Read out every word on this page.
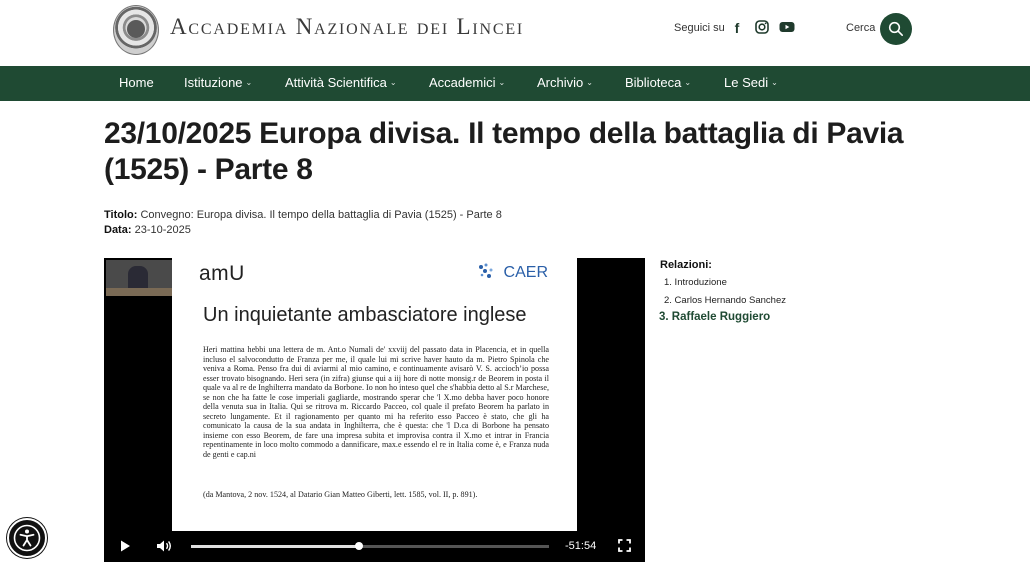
Accademia Nazionale dei Lincei	Seguici su f	Cerca
Home Istituzione ⌄	Attività Scientifica ⌄ Accademici ⌄ Archivio ⌄ Biblioteca ⌄	Le Sedi ⌄
23/10/2025 Europa divisa. Il tempo della battaglia di Pavia (1525) - Parte 8
Titolo: Convegno: Europa divisa. Il tempo della battaglia di Pavia (1525) - Parte 8
Data: 23-10-2025
amU	CAER
Un inquietante ambasciatore inglese
Heri mattina hebbi una lettera de m. Ant.o Numali de' xxviij del passato data in Placencia, et in quella incluso el salvocondutto de Franza per me, il quale lui mi scrive haver hauto da m. Pietro Spinola che veniva a Roma. Penso fra dui di aviarmi al mio camino, e continuamente avisarò V. S. acciochʼio possa esser trovato bisognando. Heri sera (in zifra) giunse qui a iij hore di notte monsig.r de Beorem in posta il quale va al re de Inghilterra mandato da Borbone. Io non ho inteso quel che s'habbia detto al S.r Marchese, se non che ha fatte le cose imperiali gagliarde, mostrando sperar che 'l X.mo debba haver poco honore della venuta sua in Italia. Qui se ritrova m. Riccardo Pacceo, col quale il prefato Beorem ha parlato in secreto lungamente. Et il ragionamento per quanto mi ha referito esso Pacceo è stato, che gli ha comunicato la causa de la sua andata in Inghilterra, che è questa: che 'l D.ca di Borbone ha pensato insieme con esso Beorem, de fare una impresa subita et improvisa contra il X.mo et intrar in Francia repentinamente in loco molto commodo a dannificare, max.e essendo el re in Italia come è, e Franza nuda de genti e cap.ni
(da Mantova, 2 nov. 1524, al Datario Gian Matteo Giberti, lett. 1585, vol. II, p. 891).
-51:54
Relazioni:
1. Introduzione
2. Carlos Hernando Sanchez
3. Raffaele Ruggiero
